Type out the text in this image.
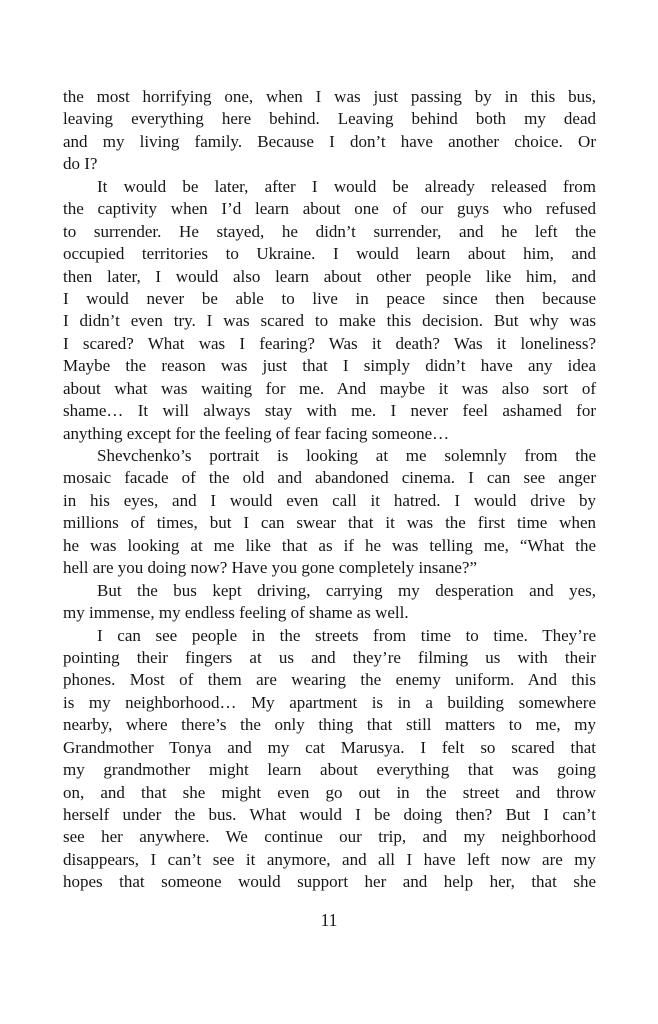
the most horrifying one, when I was just passing by in this bus,
leaving everything here behind. Leaving behind both my dead
and my living family. Because I don’t have another choice. Or
do I?

It would be later, after I would be already released from
the captivity when I’d learn about one of our guys who refused
to surrender. He stayed, he didn’t surrender, and he left the
occupied territories to Ukraine. I would learn about him, and
then later, I would also learn about other people like him, and
I would never be able to live in peace since then because
I didn’t even try. I was scared to make this decision. But why was
I scared? What was I fearing? Was it death? Was it loneliness?
Maybe the reason was just that I simply didn’t have any idea
about what was waiting for me. And maybe it was also sort of
shame… It will always stay with me. I never feel ashamed for
anything except for the feeling of fear facing someone…

Shevchenko’s portrait is looking at me solemnly from the
mosaic facade of the old and abandoned cinema. I can see anger
in his eyes, and I would even call it hatred. I would drive by
millions of times, but I can swear that it was the first time when
he was looking at me like that as if he was telling me, “What the
hell are you doing now? Have you gone completely insane?”

But the bus kept driving, carrying my desperation and yes,
my immense, my endless feeling of shame as well.

I can see people in the streets from time to time. They’re
pointing their fingers at us and they’re filming us with their
phones. Most of them are wearing the enemy uniform. And this
is my neighborhood… My apartment is in a building somewhere
nearby, where there’s the only thing that still matters to me, my
Grandmother Tonya and my cat Marusya. I felt so scared that
my grandmother might learn about everything that was going
on, and that she might even go out in the street and throw
herself under the bus. What would I be doing then? But I can’t
see her anywhere. We continue our trip, and my neighborhood
disappears, I can’t see it anymore, and all I have left now are my
hopes that someone would support her and help her, that she

11
